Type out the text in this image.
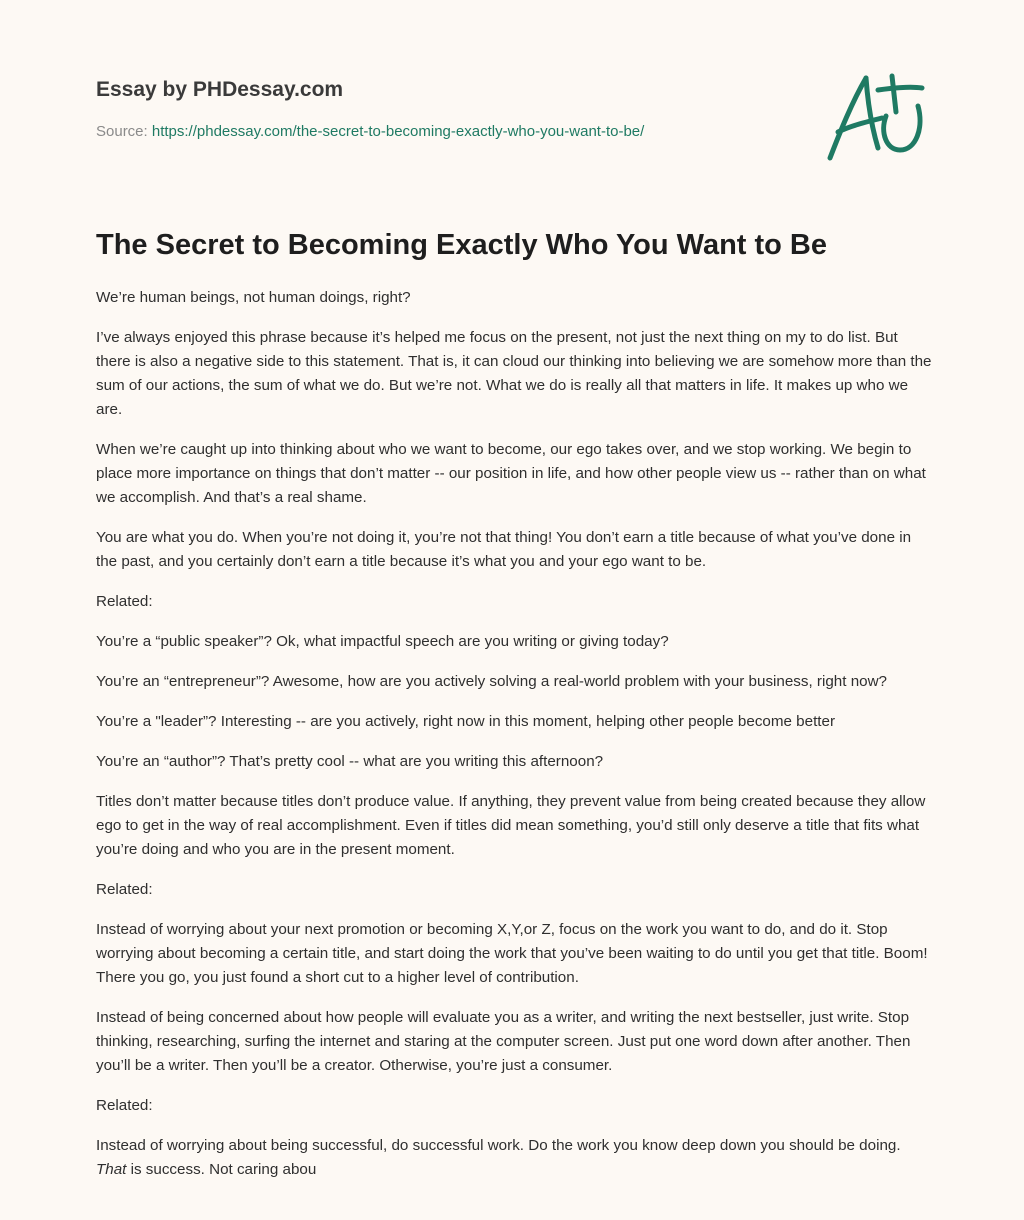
Essay by PHDessay.com
Source: https://phdessay.com/the-secret-to-becoming-exactly-who-you-want-to-be/
The Secret to Becoming Exactly Who You Want to Be

We’re human beings, not human doings, right?

I’ve always enjoyed this phrase because it’s helped me focus on the present, not just the next thing on my to do list. But there is also a negative side to this statement. That is, it can cloud our thinking into believing we are somehow more than the sum of our actions, the sum of what we do. But we’re not. What we do is really all that matters in life. It makes up who we are.

When we’re caught up into thinking about who we want to become, our ego takes over, and we stop working. We begin to place more importance on things that don’t matter -- our position in life, and how other people view us -- rather than on what we accomplish. And that’s a real shame.

You are what you do. When you’re not doing it, you’re not that thing! You don’t earn a title because of what you’ve done in the past, and you certainly don’t earn a title because it’s what you and your ego want to be.

Related:

You’re a “public speaker”? Ok, what impactful speech are you writing or giving today?

You’re an “entrepreneur”? Awesome, how are you actively solving a real-world problem with your business, right now?

You’re a "leader”? Interesting -- are you actively, right now in this moment, helping other people become better

You’re an “author”? That’s pretty cool -- what are you writing this afternoon?

Titles don’t matter because titles don’t produce value. If anything, they prevent value from being created because they allow ego to get in the way of real accomplishment. Even if titles did mean something, you’d still only deserve a title that fits what you’re doing and who you are in the present moment.

Related:

Instead of worrying about your next promotion or becoming X,Y,or Z, focus on the work you want to do, and do it. Stop worrying about becoming a certain title, and start doing the work that you’ve been waiting to do until you get that title. Boom! There you go, you just found a short cut to a higher level of contribution.

Instead of being concerned about how people will evaluate you as a writer, and writing the next bestseller, just write. Stop thinking, researching, surfing the internet and staring at the computer screen. Just put one word down after another. Then you’ll be a writer. Then you’ll be a creator. Otherwise, you’re just a consumer.

Related:

Instead of worrying about being successful, do successful work. Do the work you know deep down you should be doing. That is success. Not caring abou
